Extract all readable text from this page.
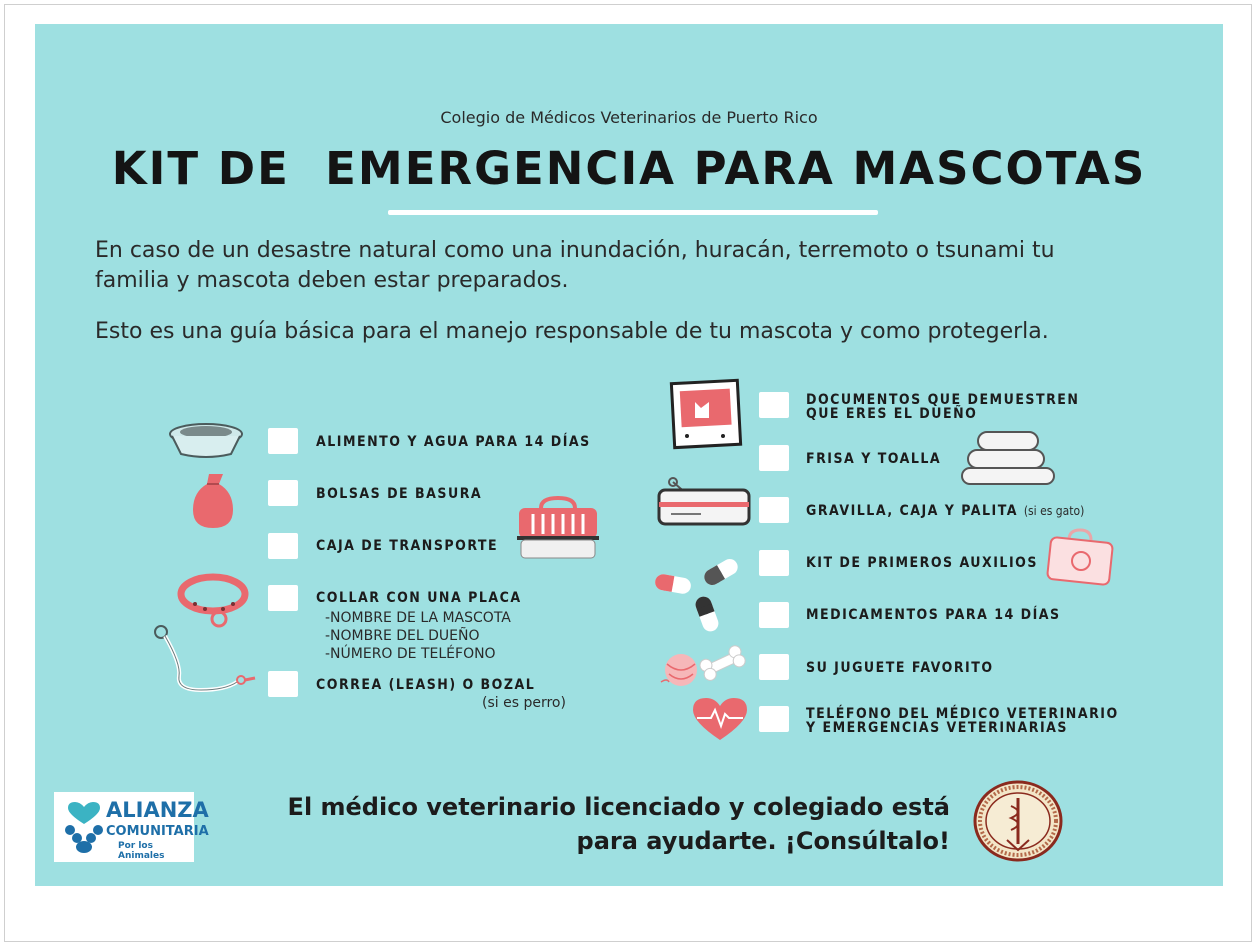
Colegio de Médicos Veterinarios de Puerto Rico
KIT DE  EMERGENCIA PARA MASCOTAS
En caso de un desastre natural como una inundación, huracán, terremoto o tsunami tu
familia y mascota deben estar preparados.
Esto es una guía básica para el manejo responsable de tu mascota y como protegerla.
ALIMENTO Y AGUA PARA 14 DÍAS
BOLSAS DE BASURA
CAJA DE TRANSPORTE
COLLAR CON UNA PLACA
-NOMBRE DE LA MASCOTA
-NOMBRE DEL DUEÑO
-NÚMERO DE TELÉFONO
CORREA (LEASH) O BOZAL
(si es perro)
DOCUMENTOS QUE DEMUESTREN
QUE ERES EL DUEÑO
FRISA Y TOALLA
GRAVILLA, CAJA Y PALITA (si es gato)
KIT DE PRIMEROS AUXILIOS
MEDICAMENTOS PARA 14 DÍAS
SU JUGUETE FAVORITO
TELÉFONO DEL MÉDICO VETERINARIO
Y EMERGENCIAS VETERINARIAS
ALIANZA
COMUNITARIA
Por los Animales
El médico veterinario licenciado y colegiado está
para ayudarte. ¡Consúltalo!
